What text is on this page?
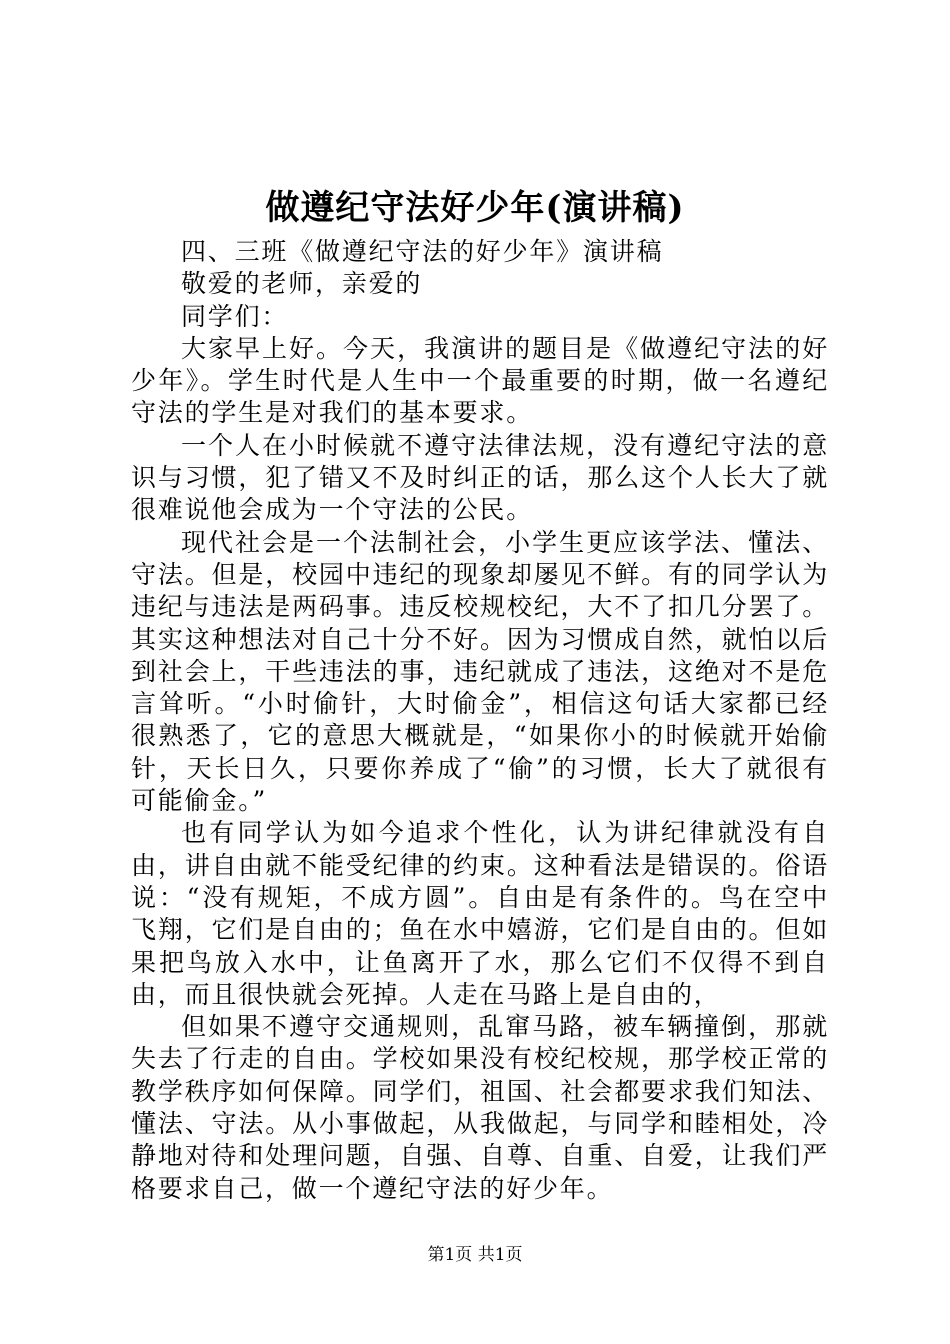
做遵纪守法好少年(演讲稿)

四、三班《做遵纪守法的好少年》演讲稿

敬爱的老师，亲爱的

同学们：

大家早上好。今天，我演讲的题目是《做遵纪守法的好少年》。学生时代是人生中一个最重要的时期，做一名遵纪守法的学生是对我们的基本要求。

一个人在小时候就不遵守法律法规，没有遵纪守法的意识与习惯，犯了错又不及时纠正的话，那么这个人长大了就很难说他会成为一个守法的公民。

现代社会是一个法制社会，小学生更应该学法、懂法、守法。但是，校园中违纪的现象却屡见不鲜。有的同学认为违纪与违法是两码事。违反校规校纪，大不了扣几分罢了。其实这种想法对自己十分不好。因为习惯成自然，就怕以后到社会上，干些违法的事，违纪就成了违法，这绝对不是危言耸听。“小时偷针，大时偷金”，相信这句话大家都已经很熟悉了，它的意思大概就是，“如果你小的时候就开始偷针，天长日久，只要你养成了“偷”的习惯，长大了就很有可能偷金。”

也有同学认为如今追求个性化，认为讲纪律就没有自由，讲自由就不能受纪律的约束。这种看法是错误的。俗语说：“没有规矩，不成方圆”。自由是有条件的。鸟在空中飞翔，它们是自由的；鱼在水中嬉游，它们是自由的。但如果把鸟放入水中，让鱼离开了水，那么它们不仅得不到自由，而且很快就会死掉。人走在马路上是自由的，

但如果不遵守交通规则，乱窜马路，被车辆撞倒，那就失去了行走的自由。学校如果没有校纪校规，那学校正常的教学秩序如何保障。同学们，祖国、社会都要求我们知法、懂法、守法。从小事做起，从我做起，与同学和睦相处，冷静地对待和处理问题，自强、自尊、自重、自爱，让我们严格要求自己，做一个遵纪守法的好少年。

第1页 共1页
